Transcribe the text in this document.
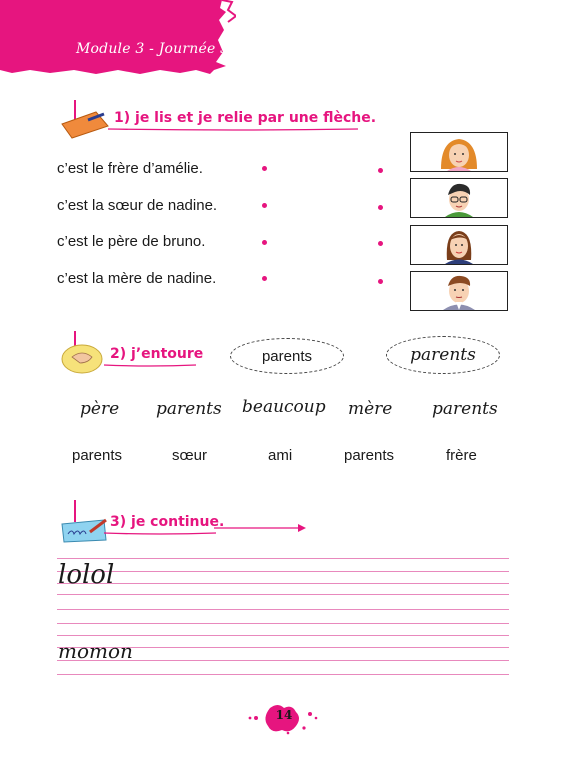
Module 3 - Journée 3
1) je lis et je relie par une flèche.
c’est le frère d’amélie.
c’est la sœur de nadine.
c’est le père de bruno.
c’est la mère de nadine.
2) j’entoure	parents	parents
père parents beaucoup mère parents
parents	sœur	ami	parents	frère
3) je continue.
lolol
momon
14
